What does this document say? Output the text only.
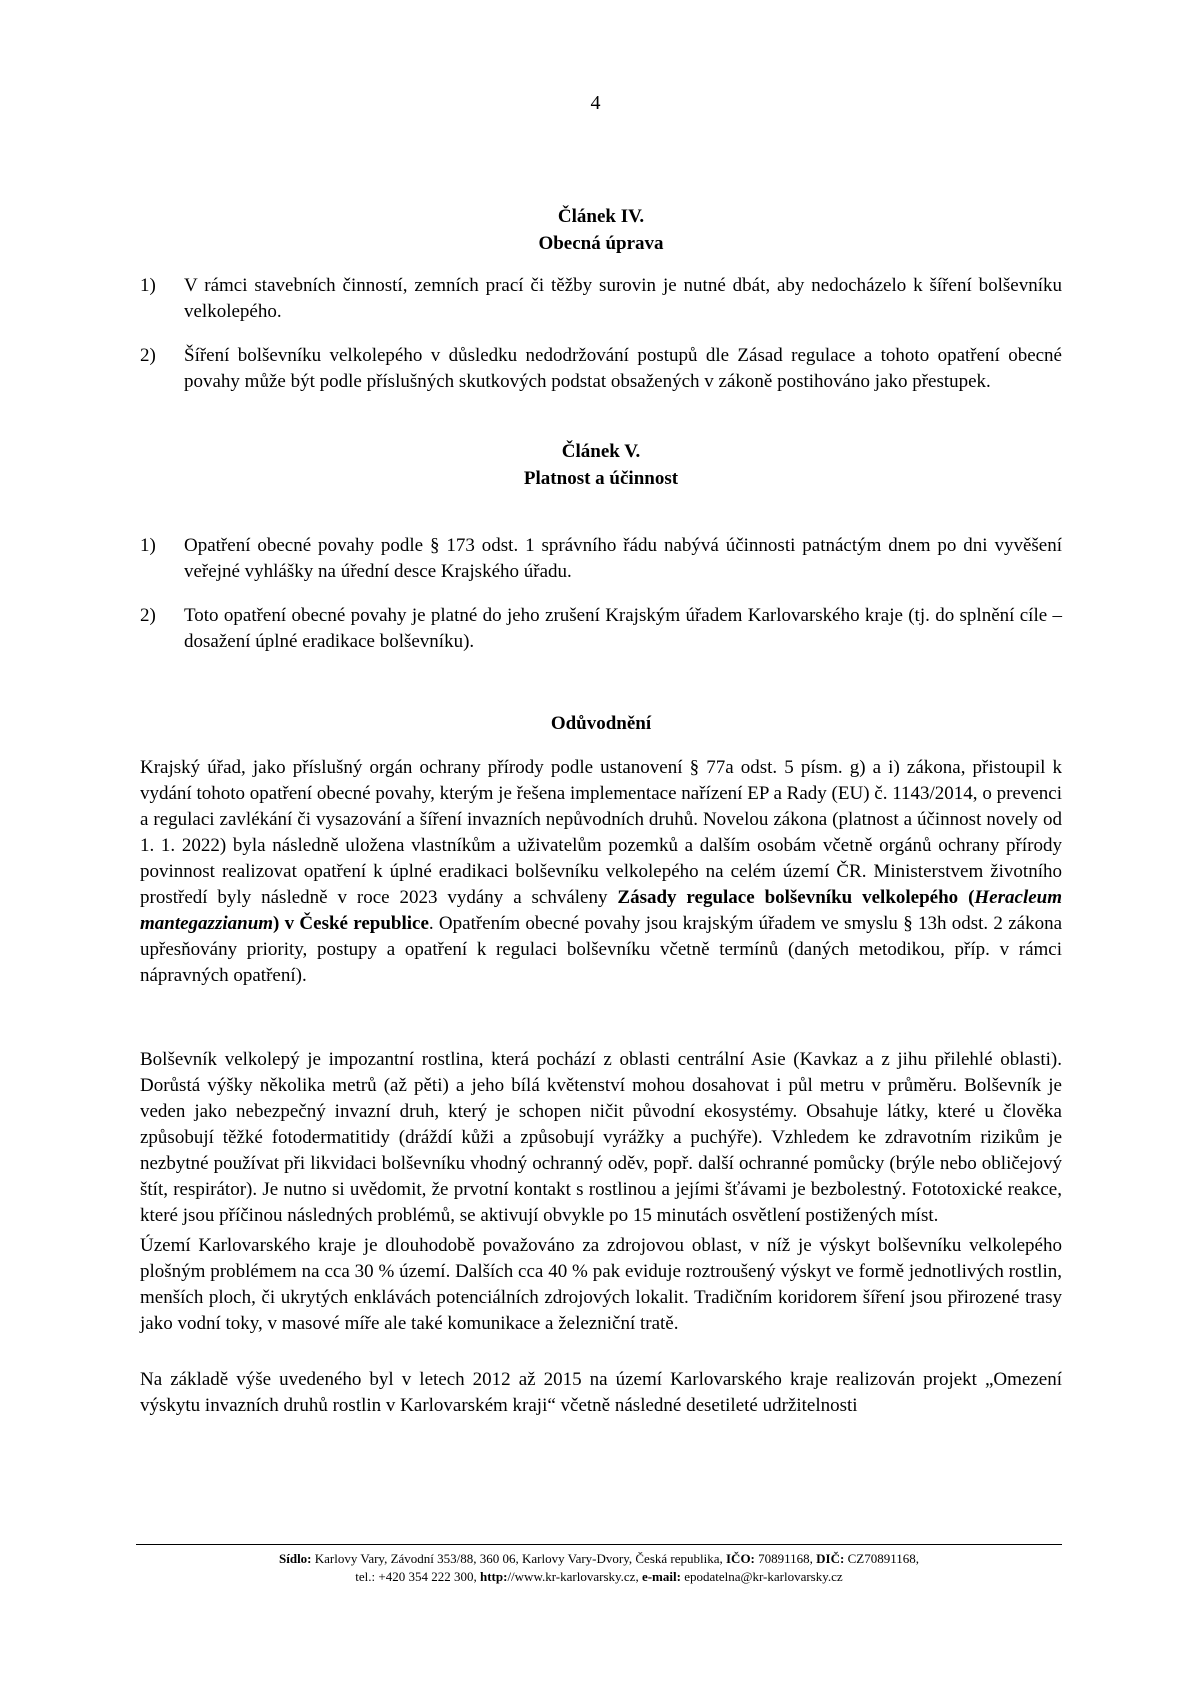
4
Článek IV.
Obecná úprava
1) V rámci stavebních činností, zemních prací či těžby surovin je nutné dbát, aby nedocházelo k šíření bolševníku velkolepého.
2) Šíření bolševníku velkolepého v důsledku nedodržování postupů dle Zásad regulace a tohoto opatření obecné povahy může být podle příslušných skutkových podstat obsažených v zákoně postihováno jako přestupek.
Článek V.
Platnost a účinnost
1) Opatření obecné povahy podle § 173 odst. 1 správního řádu nabývá účinnosti patnáctým dnem po dni vyvěšení veřejné vyhlášky na úřední desce Krajského úřadu.
2) Toto opatření obecné povahy je platné do jeho zrušení Krajským úřadem Karlovarského kraje (tj. do splnění cíle – dosažení úplné eradikace bolševníku).
Odůvodnění
Krajský úřad, jako příslušný orgán ochrany přírody podle ustanovení § 77a odst. 5 písm. g) a i) zákona, přistoupil k vydání tohoto opatření obecné povahy, kterým je řešena implementace nařízení EP a Rady (EU) č. 1143/2014, o prevenci a regulaci zavlékání či vysazování a šíření invazních nepůvodních druhů. Novelou zákona (platnost a účinnost novely od 1. 1. 2022) byla následně uložena vlastníkům a uživatelům pozemků a dalším osobám včetně orgánů ochrany přírody povinnost realizovat opatření k úplné eradikaci bolševníku velkolepého na celém území ČR. Ministerstvem životního prostředí byly následně v roce 2023 vydány a schváleny Zásady regulace bolševníku velkolepého (Heracleum mantegazzianum) v České republice. Opatřením obecné povahy jsou krajským úřadem ve smyslu § 13h odst. 2 zákona upřesňovány priority, postupy a opatření k regulaci bolševníku včetně termínů (daných metodikou, příp. v rámci nápravných opatření).
Bolševník velkolepý je impozantní rostlina, která pochází z oblasti centrální Asie (Kavkaz a z jihu přilehlé oblasti). Dorůstá výšky několika metrů (až pěti) a jeho bílá květenství mohou dosahovat i půl metru v průměru. Bolševník je veden jako nebezpečný invazní druh, který je schopen ničit původní ekosystémy. Obsahuje látky, které u člověka způsobují těžké fotodermatitidy (dráždí kůži a způsobují vyrážky a puchýře). Vzhledem ke zdravotním rizikům je nezbytné používat při likvidaci bolševníku vhodný ochranný oděv, popř. další ochranné pomůcky (brýle nebo obličejový štít, respirátor). Je nutno si uvědomit, že prvotní kontakt s rostlinou a jejími šťávami je bezbolestný. Fototoxické reakce, které jsou příčinou následných problémů, se aktivují obvykle po 15 minutách osvětlení postižených míst.
Území Karlovarského kraje je dlouhodobě považováno za zdrojovou oblast, v níž je výskyt bolševníku velkolepého plošným problémem na cca 30 % území. Dalších cca 40 % pak eviduje roztroušený výskyt ve formě jednotlivých rostlin, menších ploch, či ukrytých enklávách potenciálních zdrojových lokalit. Tradičním koridorem šíření jsou přirozené trasy jako vodní toky, v masové míře ale také komunikace a železniční tratě.
Na základě výše uvedeného byl v letech 2012 až 2015 na území Karlovarského kraje realizován projekt „Omezení výskytu invazních druhů rostlin v Karlovarském kraji“ včetně následné desetileté udržitelnosti
Sídlo: Karlovy Vary, Závodní 353/88, 360 06, Karlovy Vary-Dvory, Česká republika, IČO: 70891168, DIČ: CZ70891168,
tel.: +420 354 222 300, http://www.kr-karlovarsky.cz, e-mail: epodatelna@kr-karlovarsky.cz
